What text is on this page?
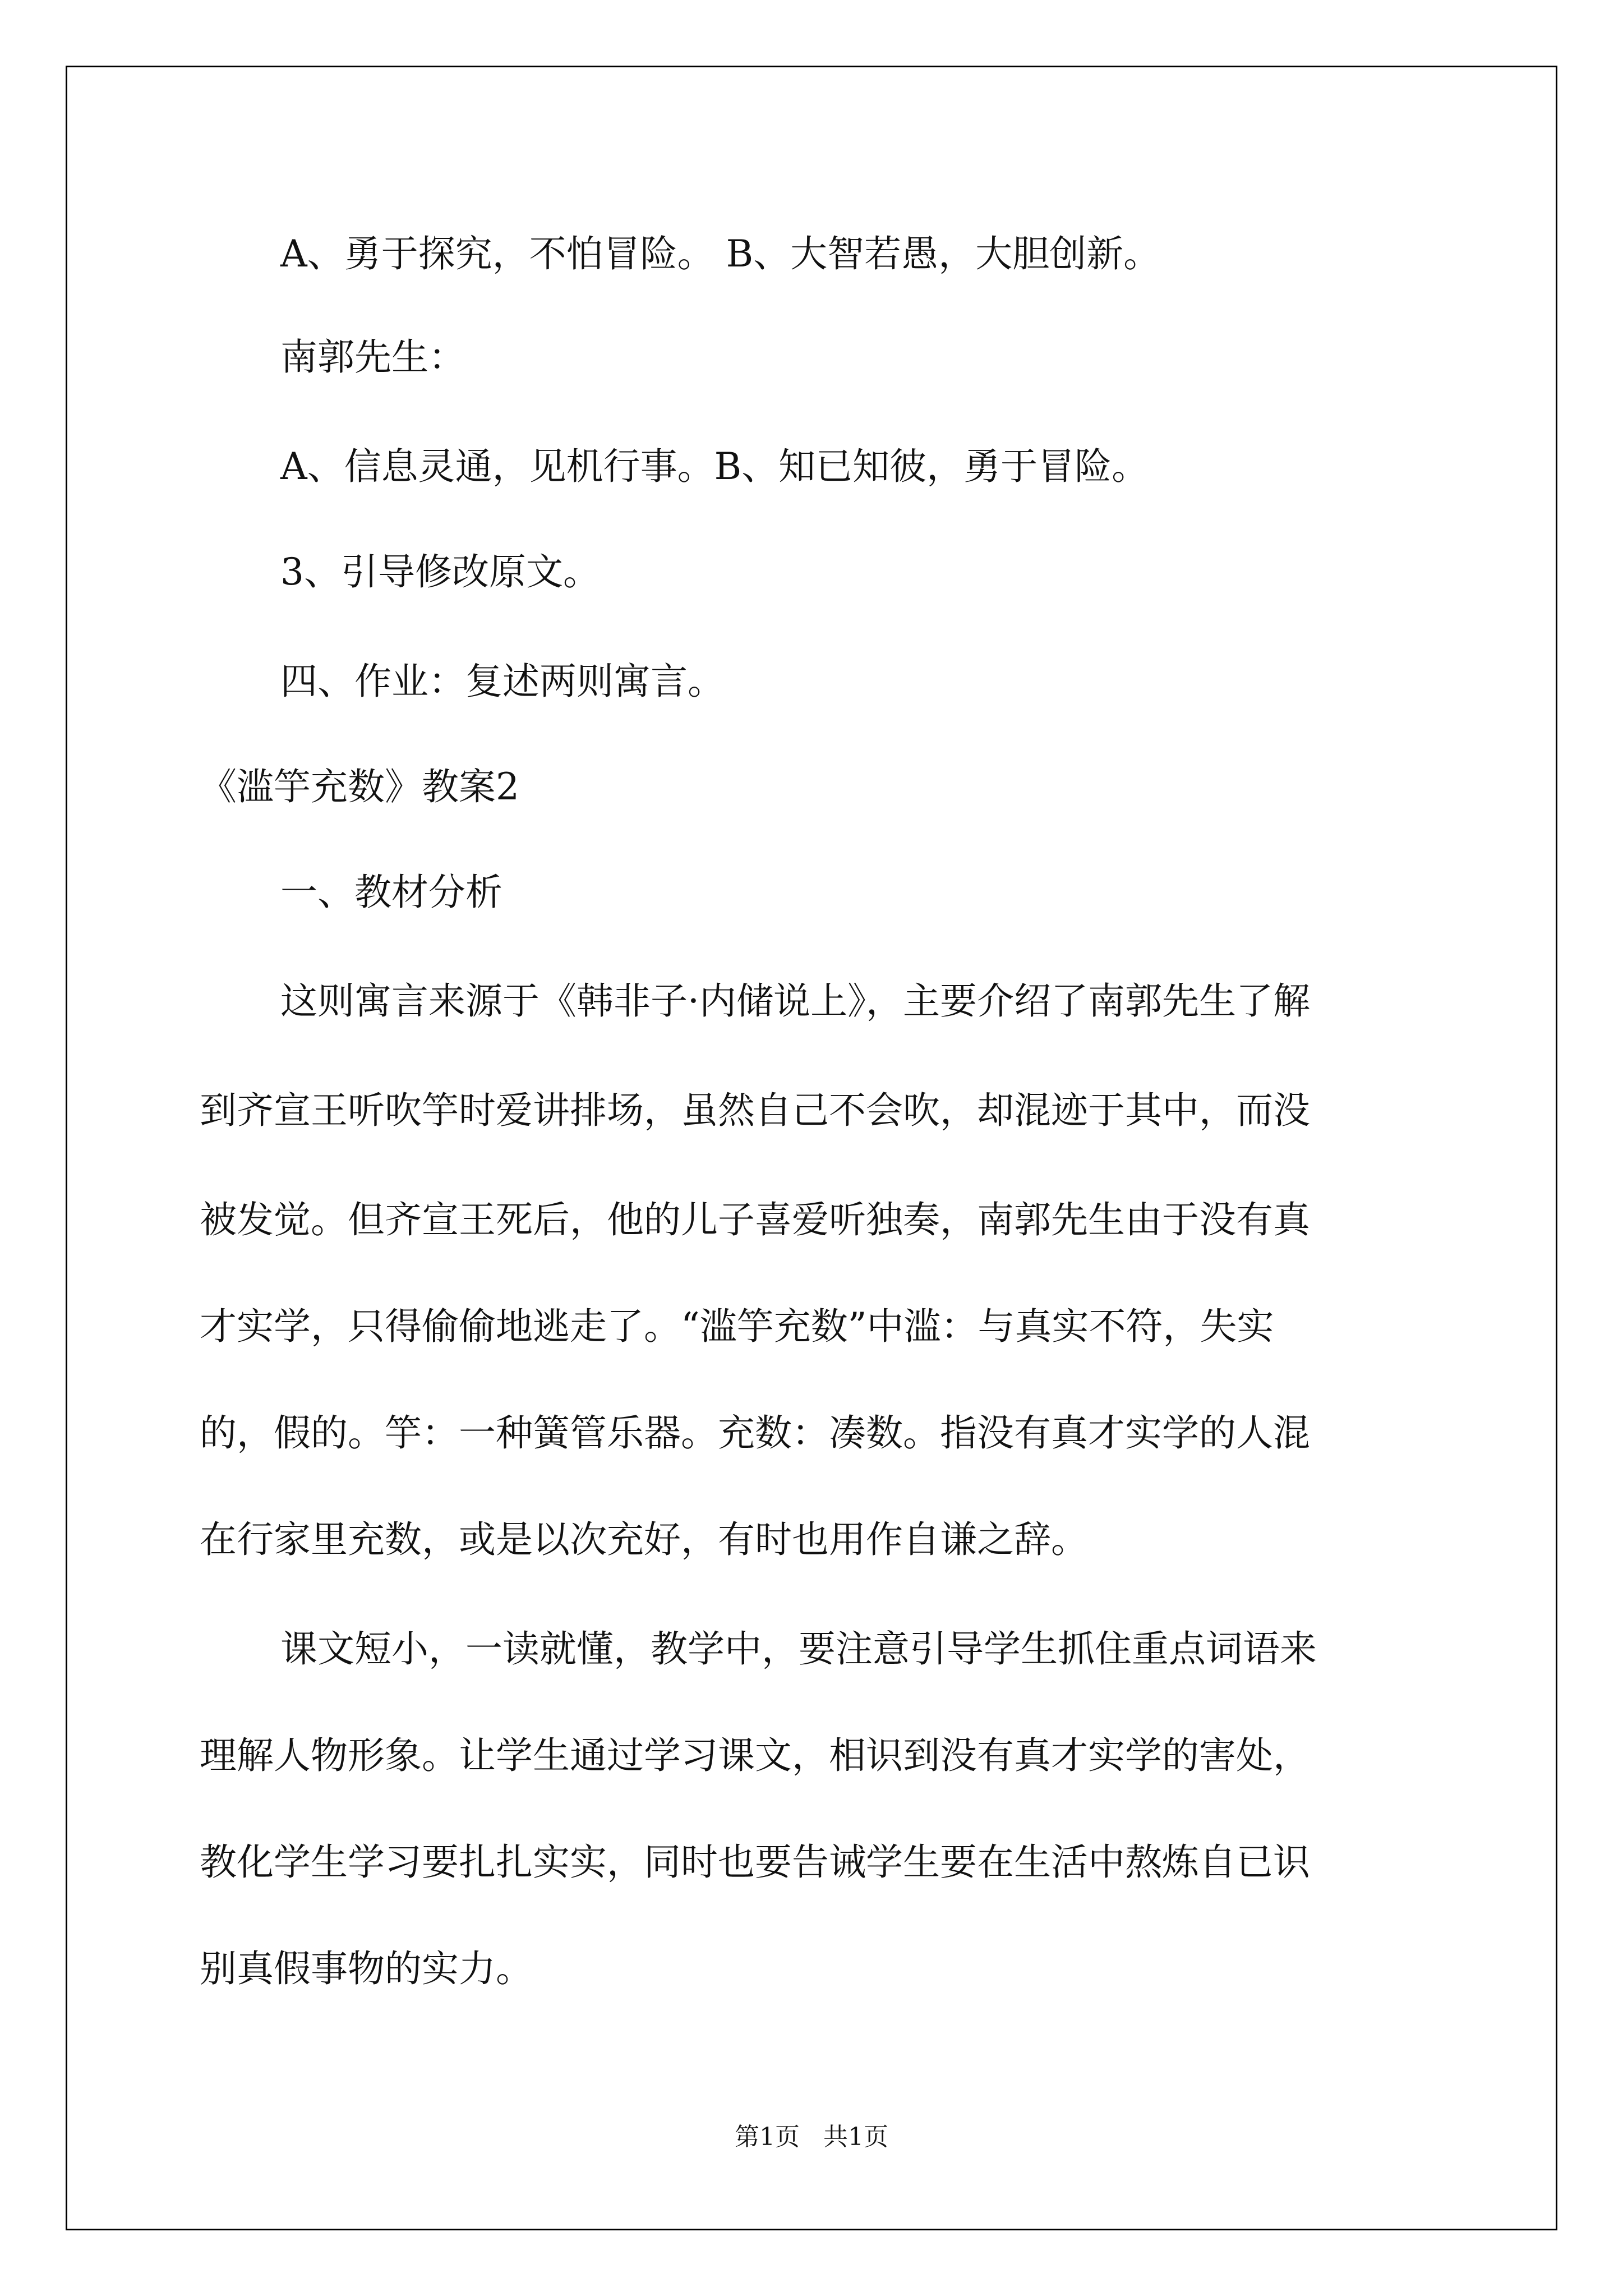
A、勇于探究，不怕冒险。 B、大智若愚，大胆创新。

南郭先生：

A、信息灵通，见机行事。B、知已知彼，勇于冒险。

3、引导修改原文。

四、作业：复述两则寓言。

《滥竽充数》教案2

一、教材分析

这则寓言来源于《韩非子·内储说上》，主要介绍了南郭先生了解

到齐宣王听吹竽时爱讲排场，虽然自己不会吹，却混迹于其中，而没

被发觉。但齐宣王死后，他的儿子喜爱听独奏，南郭先生由于没有真

才实学，只得偷偷地逃走了。“滥竽充数”中滥：与真实不符，失实

的，假的。竽：一种簧管乐器。充数：凑数。指没有真才实学的人混

在行家里充数，或是以次充好，有时也用作自谦之辞。

课文短小，一读就懂，教学中，要注意引导学生抓住重点词语来

理解人物形象。让学生通过学习课文，相识到没有真才实学的害处，

教化学生学习要扎扎实实，同时也要告诫学生要在生活中熬炼自已识

别真假事物的实力。

第1页   共1页
